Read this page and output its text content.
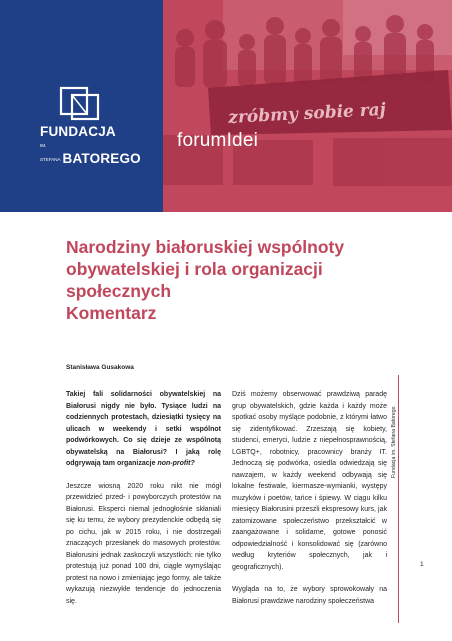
FUNDACJA
IM. STEFANA BATOREGO
zróbmy sobie raj
forumIdei
Narodziny białoruskiej wspólnoty
obywatelskiej i rola organizacji
społecznych
Komentarz
Stanisława Gusakowa
Takiej fali solidarności obywatelskiej na Białorusi nigdy nie było. Tysiące ludzi na codziennych protestach, dziesiątki tysięcy na ulicach w weekendy i setki wspólnot podwórkowych. Co się dzieje ze wspólnotą obywatelską na Białorusi? I jaką rolę odgrywają tam organizacje non-profit?
Jeszcze wiosną 2020 roku nikt nie mógł przewidzieć przed- i powyborczych protestów na Białorusi. Eksperci niemal jednogłośnie skłaniali się ku temu, że wybory prezydenckie odbędą się po cichu, jak w 2015 roku, i nie dostrzegali znaczących przesłanek do masowych protestów. Białorusini jednak zaskoczyli wszystkich: nie tylko protestują już ponad 100 dni, ciągle wymyślając protest na nowo i zmieniając jego formy, ale także wykazują niezwykłe tendencje do jednoczenia się.
Dziś możemy obserwować prawdziwą paradę grup obywatelskich, gdzie każda i każdy może spotkać osoby myślące podobnie, z którymi łatwo się zidentyfikować. Zrzeszają się kobiety, studenci, emeryci, ludzie z niepełnosprawnością, LGBTQ+, robotnicy, pracownicy branży IT. Jednoczą się podwórka, osiedla odwiedzają się nawzajem, w każdy weekend odbywają się lokalne festiwale, kiermasze-wymianki, występy muzyków i poetów, tańce i śpiewy. W ciągu kilku miesięcy Białorusini przeszli ekspresowy kurs, jak zatomizowane społeczeństwo przekształcić w zaangażowane i solidarne, gotowe ponosić odpowiedzialność i konsolidować się (zarówno według kryteriów społecznych, jak i geograficznych).
Wygląda na to, że wybory sprowokowały na Białorusi prawdziwe narodziny społeczeństwa
Fundacja im. Stefana Batorego
1
